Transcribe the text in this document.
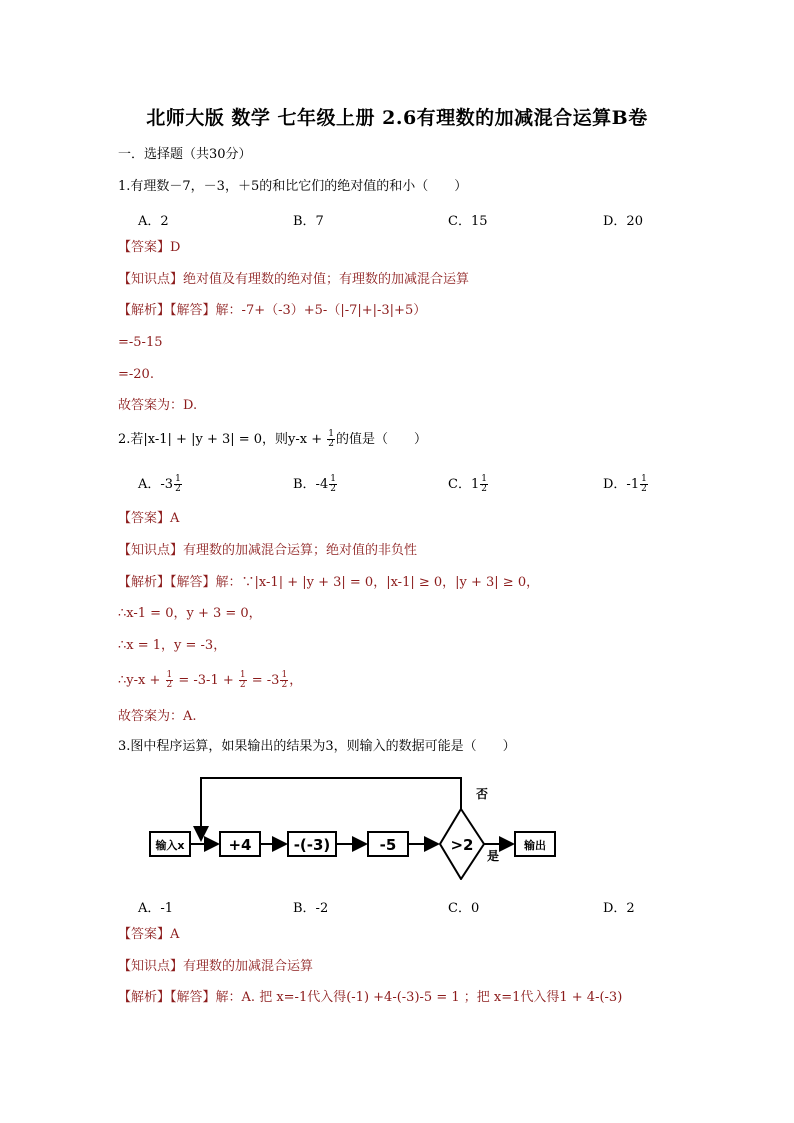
北师大版 数学 七年级上册 2.6有理数的加减混合运算B卷
一．选择题（共30分）
1.有理数－7，－3，＋5的和比它们的绝对值的和小（　　）
A．2	B．7	C．15	D．20
【答案】D
【知识点】绝对值及有理数的绝对值；有理数的加减混合运算
【解析】【解答】解：-7+（-3）+5-（|-7|+|-3|+5）
=-5-15
=-20.
故答案为：D.
2.若|x-1| + |y + 3| = 0，则$y-x + \frac{1}{2}$ 的值是（　　）
A．$-3 \frac{1}{2}$	B．$-4 \frac{1}{2}$	C．$1 \frac{1}{2}$	D．$-1 \frac{1}{2}$
【答案】A
【知识点】有理数的加减混合运算；绝对值的非负性
【解析】【解答】解：∵|x-1| + |y + 3| = 0，|x-1| ≥ 0，|y + 3| ≥ 0，
∴x-1 = 0，y + 3 = 0，
∴x = 1，y = -3，
∴y-x + $\frac{1}{2} = -3-1 + \frac{1}{2} = -3 \frac{1}{2}$ ，
故答案为：A.
3.图中程序运算，如果输出的结果为3，则输入的数据可能是（　　）
输入x	+4	-(-3)	-5	>2
否
是
输出
A．-1	B．-2	C．0	D．2
【答案】A
【知识点】有理数的加减混合运算
【解析】【解答】解：A. 把 x=-1代入得(-1) +4-(-3)-5 = 1 ；把 x=1代入得1 + 4-(-3)
